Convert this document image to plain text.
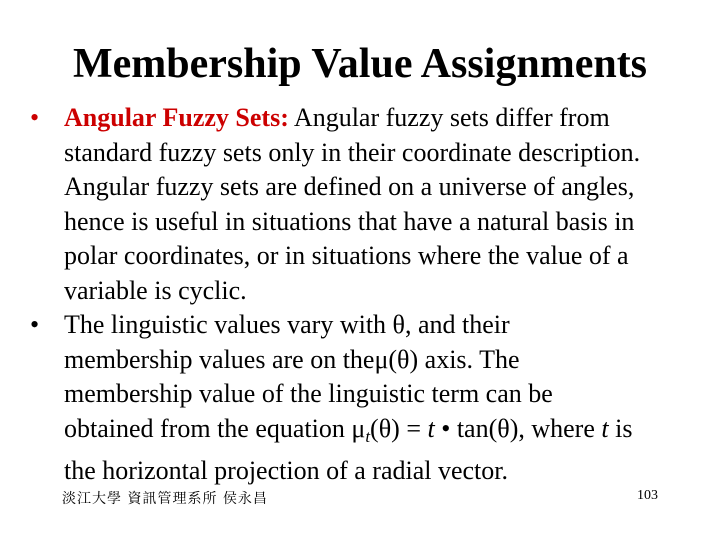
Membership Value Assignments
• Angular Fuzzy Sets: Angular fuzzy sets differ from
standard fuzzy sets only in their coordinate description.
Angular fuzzy sets are defined on a universe of angles,
hence is useful in situations that have a natural basis in
polar coordinates, or in situations where the value of a
variable is cyclic.
• The linguistic values vary with θ, and their
membership values are on theμ(θ) axis. The
membership value of the linguistic term can be
obtained from the equation $\mu_t(\theta) = t$ • tan(θ), where t is
the horizontal projection of a radial vector.
淡江大學 資訊管理系所 侯永昌	103
